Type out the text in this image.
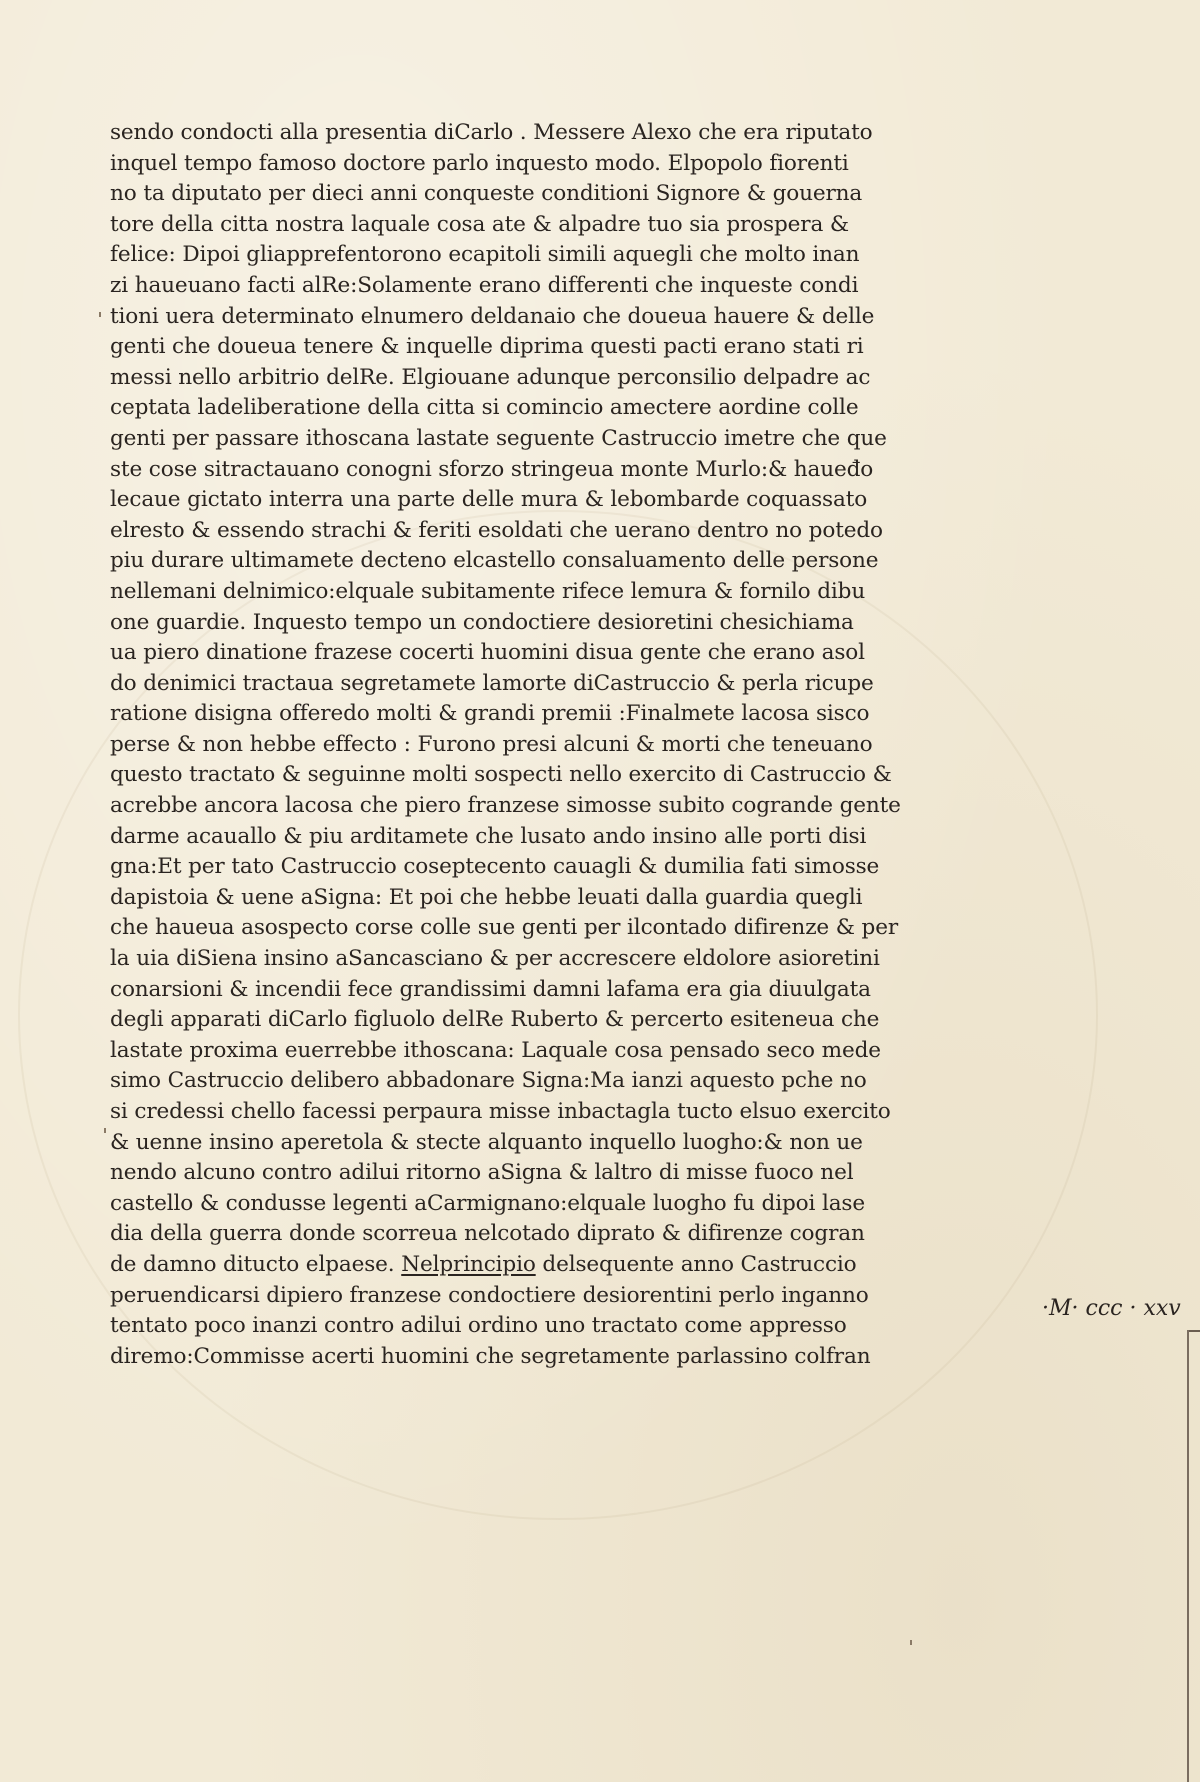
sendo condocti alla presentia diCarlo . Messere Alexo che era riputato
inquel tempo famoso doctore parlo inquesto modo. Elpopolo fiorenti
no ta diputato per dieci anni conqueste conditioni Signore & gouerna
tore della citta nostra laquale cosa ate & alpadre tuo sia prospera &
felice: Dipoi gliapprefentorono ecapitoli simili aquegli che molto inan
zi haueuano facti alRe:Solamente erano differenti che inqueste condi
tioni uera determinato elnumero deldanaio che doueua hauere & delle
genti che doueua tenere & inquelle diprima questi pacti erano stati ri
messi nello arbitrio delRe. Elgiouane adunque perconsilio delpadre ac
ceptata ladeliberatione della citta si comincio amectere aordine colle
genti per passare ithoscana lastate seguente Castruccio imetre che que
ste cose sitractauano conogni sforzo stringeua monte Murlo:& haueđo
lecaue gictato interra una parte delle mura & lebombarde coquassato
elresto & essendo strachi & feriti esoldati che uerano dentro no potedo
piu durare ultimamete decteno elcastello consaluamento delle persone
nellemani delnimico:elquale subitamente rifece lemura & fornilo dibu
one guardie. Inquesto tempo un condoctiere desioretini chesichiama
ua piero dinatione frazese cocerti huomini disua gente che erano asol
do denimici tractaua segretamete lamorte diCastruccio & perla ricupe
ratione disigna offeredo molti & grandi premii :Finalmete lacosa sisco
perse & non hebbe effecto : Furono presi alcuni & morti che teneuano
questo tractato & seguinne molti sospecti nello exercito di Castruccio &
acrebbe ancora lacosa che piero franzese simosse subito cogrande gente
darme acauallo & piu arditamete che lusato ando insino alle porti disi
gna:Et per tato Castruccio coseptecento cauagli & dumilia fati simosse
dapistoia & uene aSigna: Et poi che hebbe leuati dalla guardia quegli
che haueua asospecto corse colle sue genti per ilcontado difirenze & per
la uia diSiena insino aSancasciano & per accrescere eldolore asioretini
conarsioni & incendii fece grandissimi damni lafama era gia diuulgata
degli apparati diCarlo figluolo delRe Ruberto & percerto esiteneua che
lastate proxima euerrebbe ithoscana: Laquale cosa pensado seco mede
simo Castruccio delibero abbadonare Signa:Ma ianzi aquesto pche no
si credessi chello facessi perpaura misse inbactagla tucto elsuo exercito
& uenne insino aperetola & stecte alquanto inquello luogho:& non ue
nendo alcuno contro adilui ritorno aSigna & laltro di misse fuoco nel
castello & condusse legenti aCarmignano:elquale luogho fu dipoi lase
dia della guerra donde scorreua nelcotado diprato & difirenze cogran
de damno ditucto elpaese. Nelprincipio delsequente anno Castruccio
peruendicarsi dipiero franzese condoctiere desiorentini perlo inganno
tentato poco inanzi contro adilui ordino uno tractato come appresso
diremo:Commisse acerti huomini che segretamente parlassino colfran
·M· ccc · xxv
